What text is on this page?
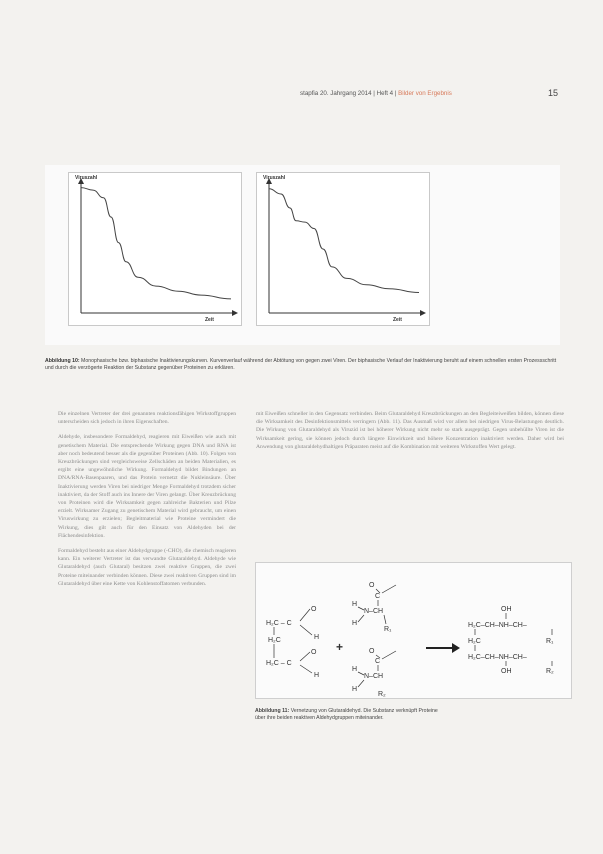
stapfia 20. Jahrgang 2014 | Heft 4 | Bilder von Ergebnis	15
Viruszahl
Zeit
Viruszahl
Zeit
Abbildung 10: Monophasische bzw. biphasische Inaktivierungskurven. Kurvenverlauf während der Abtötung von gegen zwei Viren. Der biphasische Verlauf der Inaktivierung beruht auf einem schnellen ersten Prozessschritt und durch die verzögerte Reaktion der Substanz gegenüber Proteinen zu erklären.

Die einzelnen Vertreter der drei genannten reaktionsfähigen Wirkstoffgruppen unterscheiden sich jedoch in ihren Eigenschaften.

Aldehyde, insbesondere Formaldehyd, reagieren mit Eiweißen wie auch mit genetischem Material. Die entsprechende Wirkung gegen DNA und RNA ist aber noch bedeutend besser als die gegenüber Proteinen (Abb. 10). Folgen von Kreuzbrückungen sind vergleichsweise Zellschäden an beiden Materialien, es ergibt eine ungewöhnliche Wirkung. Formaldehyd bildet Bindungen an DNA/RNA-Basenpaaren, und das Protein vernetzt die Nukleinsäure. Über Inaktivierung werden Viren bei niedriger Menge Formaldehyd trotzdem sicher inaktiviert, da der Stoff auch ins Innere der Viren gelangt. Über Kreuzbrückung von Proteinen wird die Wirksamkeit gegen zahlreiche Bakterien und Pilze erzielt. Wirksamer Zugang zu genetischem Material wird gebraucht, um einen Viruswirkung zu erzielen; Begleitmaterial wie Proteine vermindert die Wirkung, dies gilt auch für den Einsatz von Aldehyden bei der Flächendesinfektion.

Formaldehyd besteht aus einer Aldehydgruppe (-CHO), die chemisch reagieren kann. Ein weiterer Vertreter ist das verwandte Glutaraldehyd. Aldehyde wie Glutaraldehyd (auch Glutaral) besitzen zwei reaktive Gruppen, die zwei Proteine miteinander verbinden können. Diese zwei reaktiven Gruppen sind im Glutaraldehyd über eine Kette von Kohlenstoffatomen verbunden.

mit Eiweißen schneller in den Gegensatz verbinden. Beim Glutaraldehyd Kreuzbrückungen an den Begleiteiweißen bilden, können diese die Wirksamkeit des Desinfektionsmittels verringern (Abb. 11). Das Ausmaß wird vor allem bei niedrigen Virus-Belastungen deutlich. Die Wirkung von Glutaraldehyd als Viruzid ist bei höherer Wirkung nicht mehr so stark ausgeprägt. Gegen unbehüllte Viren ist die Wirksamkeit gering, sie können jedoch durch längere Einwirkzeit und höhere Konzentration inaktiviert werden. Daher wird bei Anwendung von glutaraldehydhaltigen Präparaten meist auf die Kombination mit weiteren Wirkstoffen Wert gelegt.

O
H₂C – C
H
H₂C
O
H₂C – C
H
+
O
C
H
N–CH
H
R₁
O
C
H
N–CH
H
R₂
OH
H₂C–CH–NH–CH–
H₂C	R₁
H₂C–CH–NH–CH–
OH	R₂
Abbildung 11: Vernetzung von Glutaraldehyd. Die Substanz verknüpft Proteine über ihre beiden reaktiven Aldehydgruppen miteinander.
